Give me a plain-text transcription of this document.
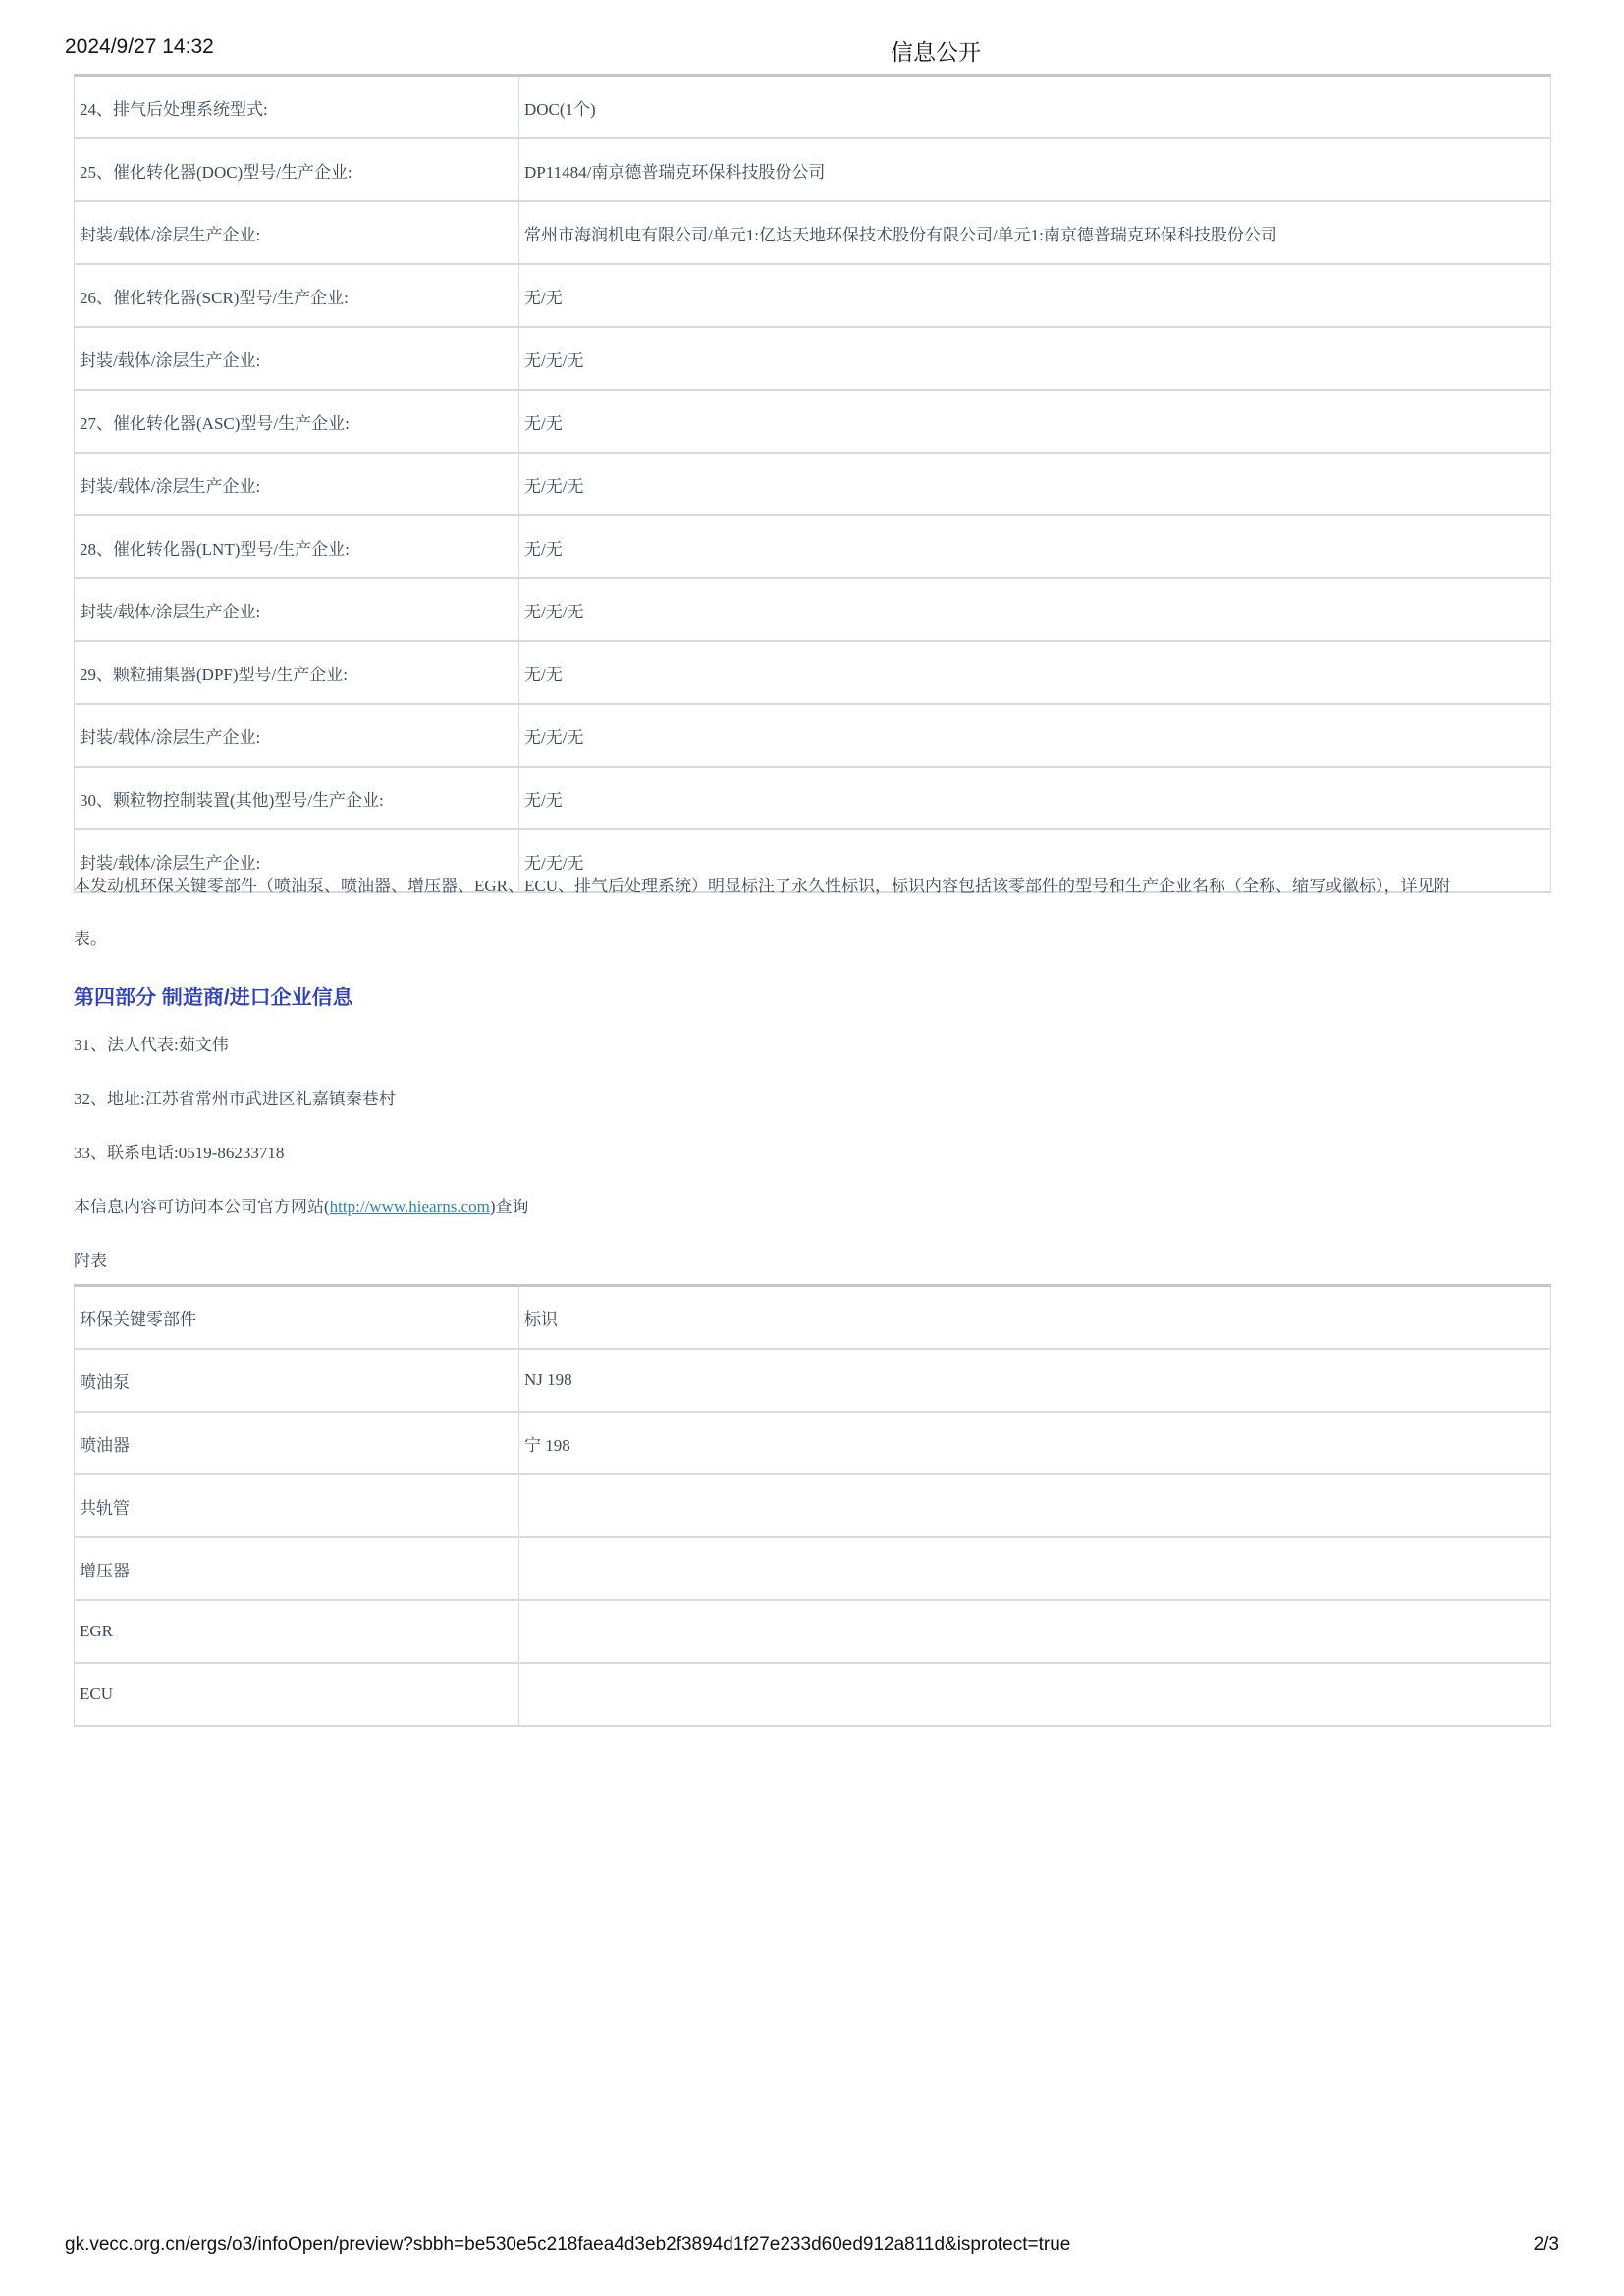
2024/9/27 14:32	信息公开
24、排气后处理系统型式:	DOC(1个)
25、催化转化器(DOC)型号/生产企业:	DP11484/南京德普瑞克环保科技股份公司
封装/载体/涂层生产企业:	常州市海润机电有限公司/单元1:亿达天地环保技术股份有限公司/单元1:南京德普瑞克环保科技股份公司
26、催化转化器(SCR)型号/生产企业:	无/无
封装/载体/涂层生产企业:	无/无/无
27、催化转化器(ASC)型号/生产企业:	无/无
封装/载体/涂层生产企业:	无/无/无
28、催化转化器(LNT)型号/生产企业:	无/无
封装/载体/涂层生产企业:	无/无/无
29、颗粒捕集器(DPF)型号/生产企业:	无/无
封装/载体/涂层生产企业:	无/无/无
30、颗粒物控制装置(其他)型号/生产企业:	无/无
封装/载体/涂层生产企业:	无/无/无
本发动机环保关键零部件（喷油泵、喷油器、增压器、EGR、ECU、排气后处理系统）明显标注了永久性标识，标识内容包括该零部件的型号和生产企业名称（全称、缩写或徽标），详见附
表。
第四部分 制造商/进口企业信息
31、法人代表:茹文伟
32、地址:江苏省常州市武进区礼嘉镇秦巷村
33、联系电话:0519-86233718
本信息内容可访问本公司官方网站(http://www.hiearns.com)查询
附表
环保关键零部件	标识
喷油泵	NJ 198
喷油器	宁 198
共轨管	
增压器	
EGR	
ECU	
gk.vecc.org.cn/ergs/o3/infoOpen/preview?sbbh=be530e5c218faea4d3eb2f3894d1f27e233d60ed912a811d&isprotect=true	2/3
